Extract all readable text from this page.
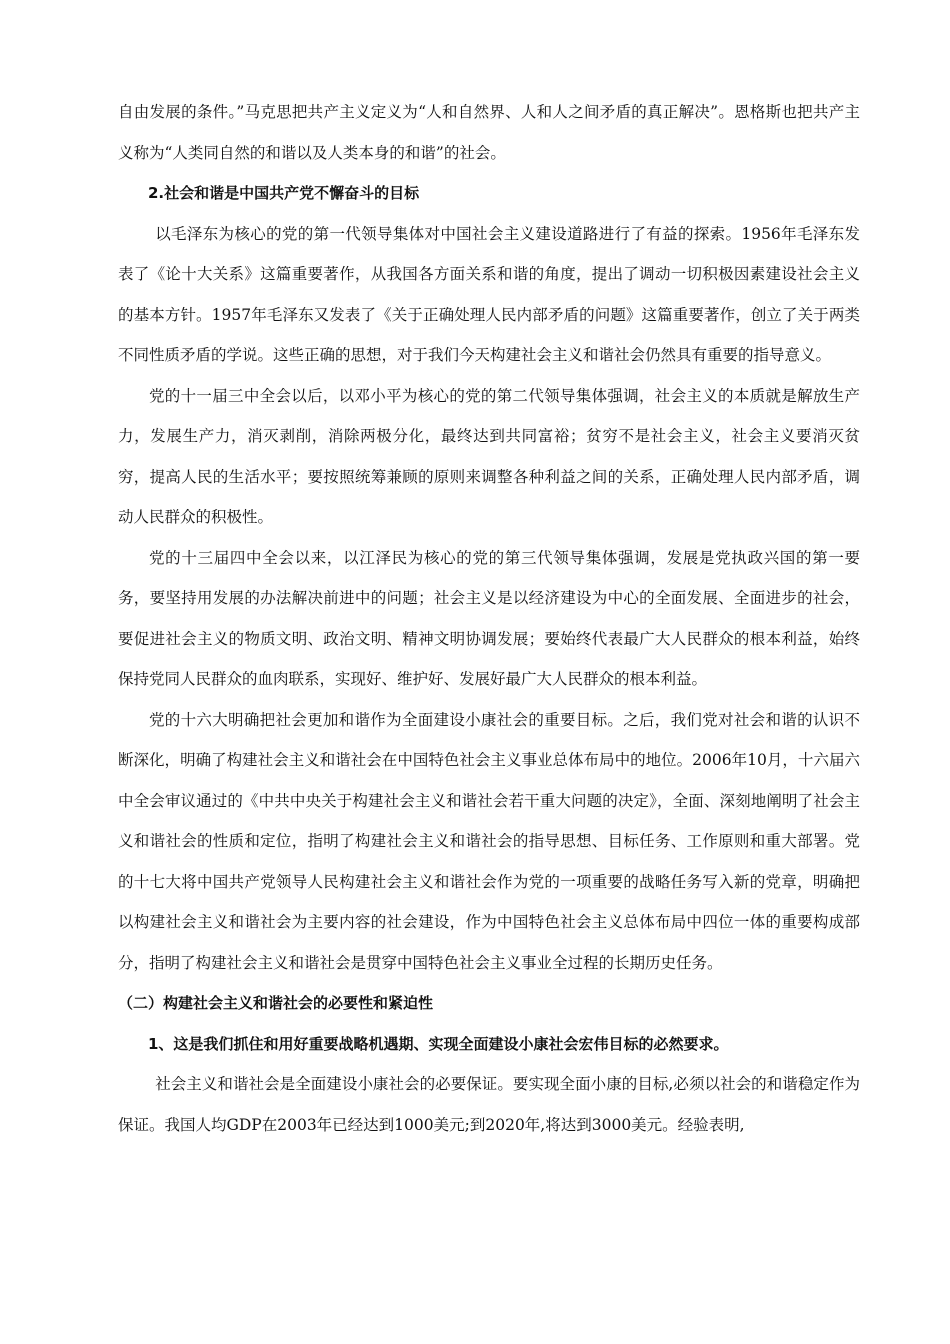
自由发展的条件。”马克思把共产主义定义为“人和自然界、人和人之间矛盾的真正解决”。恩格斯也把共产主义称为“人类同自然的和谐以及人类本身的和谐”的社会。

2.社会和谐是中国共产党不懈奋斗的目标

以毛泽东为核心的党的第一代领导集体对中国社会主义建设道路进行了有益的探索。1956年毛泽东发表了《论十大关系》这篇重要著作，从我国各方面关系和谐的角度，提出了调动一切积极因素建设社会主义的基本方针。1957年毛泽东又发表了《关于正确处理人民内部矛盾的问题》这篇重要著作，创立了关于两类不同性质矛盾的学说。这些正确的思想，对于我们今天构建社会主义和谐社会仍然具有重要的指导意义。

党的十一届三中全会以后，以邓小平为核心的党的第二代领导集体强调，社会主义的本质就是解放生产力，发展生产力，消灭剥削，消除两极分化，最终达到共同富裕；贫穷不是社会主义，社会主义要消灭贫穷，提高人民的生活水平；要按照统筹兼顾的原则来调整各种利益之间的关系，正确处理人民内部矛盾，调动人民群众的积极性。

党的十三届四中全会以来，以江泽民为核心的党的第三代领导集体强调，发展是党执政兴国的第一要务，要坚持用发展的办法解决前进中的问题；社会主义是以经济建设为中心的全面发展、全面进步的社会，要促进社会主义的物质文明、政治文明、精神文明协调发展；要始终代表最广大人民群众的根本利益，始终保持党同人民群众的血肉联系，实现好、维护好、发展好最广大人民群众的根本利益。

党的十六大明确把社会更加和谐作为全面建设小康社会的重要目标。之后，我们党对社会和谐的认识不断深化，明确了构建社会主义和谐社会在中国特色社会主义事业总体布局中的地位。2006年10月，十六届六中全会审议通过的《中共中央关于构建社会主义和谐社会若干重大问题的决定》，全面、深刻地阐明了社会主义和谐社会的性质和定位，指明了构建社会主义和谐社会的指导思想、目标任务、工作原则和重大部署。党的十七大将中国共产党领导人民构建社会主义和谐社会作为党的一项重要的战略任务写入新的党章，明确把以构建社会主义和谐社会为主要内容的社会建设，作为中国特色社会主义总体布局中四位一体的重要构成部分，指明了构建社会主义和谐社会是贯穿中国特色社会主义事业全过程的长期历史任务。

（二）构建社会主义和谐社会的必要性和紧迫性

1、这是我们抓住和用好重要战略机遇期、实现全面建设小康社会宏伟目标的必然要求。

社会主义和谐社会是全面建设小康社会的必要保证。要实现全面小康的目标,必须以社会的和谐稳定作为保证。我国人均GDP在2003年已经达到1000美元;到2020年,将达到3000美元。经验表明,
